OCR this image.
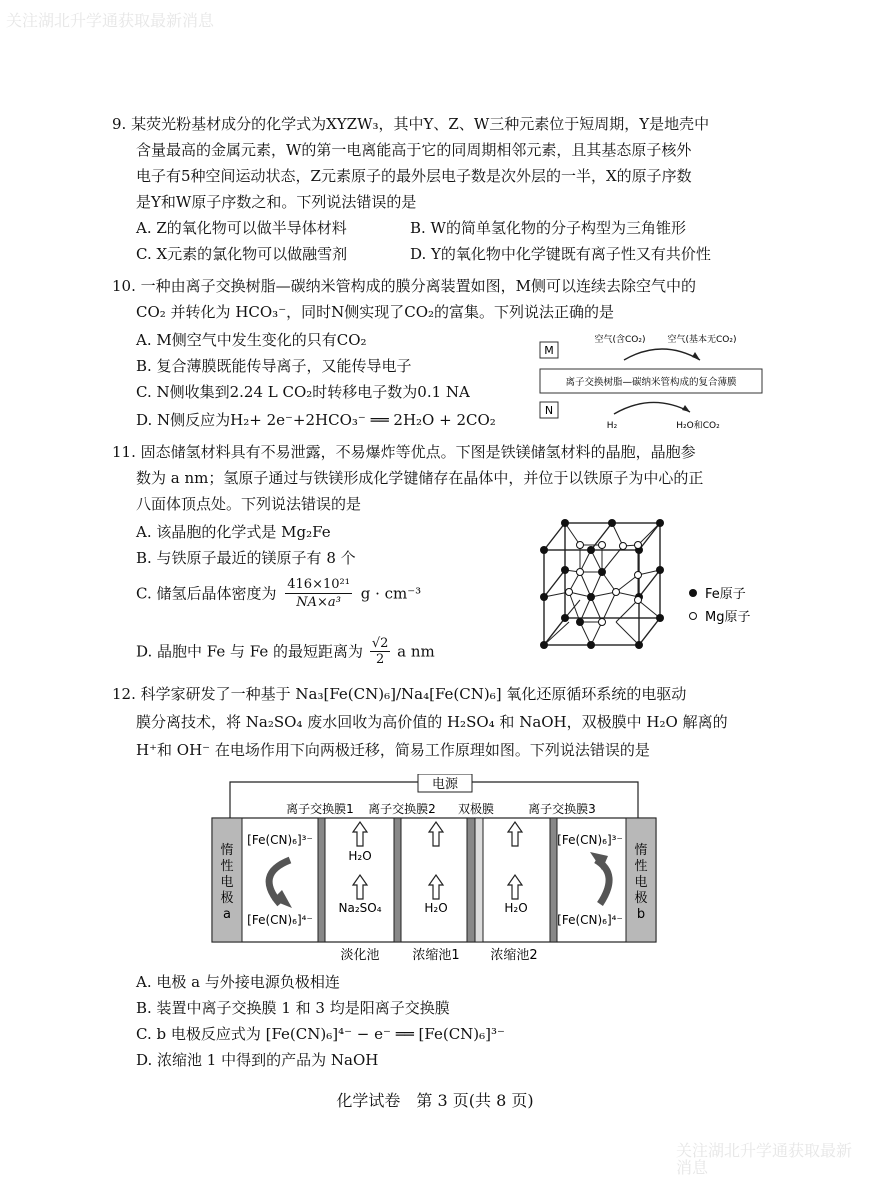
关注湖北升学通获取最新消息
关注湖北升学通获取最新
消息
9. 某荧光粉基材成分的化学式为XYZW₃，其中Y、Z、W三种元素位于短周期，Y是地壳中
含量最高的金属元素，W的第一电离能高于它的同周期相邻元素，且其基态原子核外
电子有5种空间运动状态，Z元素原子的最外层电子数是次外层的一半，X的原子序数
是Y和W原子序数之和。下列说法错误的是
A. Z的氧化物可以做半导体材料	B. W的简单氢化物的分子构型为三角锥形
C. X元素的氯化物可以做融雪剂	D. Y的氧化物中化学键既有离子性又有共价性
10. 一种由离子交换树脂—碳纳米管构成的膜分离装置如图，M侧可以连续去除空气中的
CO₂ 并转化为 HCO₃⁻，同时N侧实现了CO₂的富集。下列说法正确的是
A. M侧空气中发生变化的只有CO₂
B. 复合薄膜既能传导离子，又能传导电子
C. N侧收集到2.24 L CO₂时转移电子数为0.1 NA
D. N侧反应为H₂+ 2e⁻+2HCO₃⁻ ══ 2H₂O + 2CO₂
M
空气(含CO₂) 空气(基本无CO₂)
离子交换树脂—碳纳米管构成的复合薄膜
N
H₂	H₂O和CO₂
11. 固态储氢材料具有不易泄露，不易爆炸等优点。下图是铁镁储氢材料的晶胞，晶胞参
数为 a nm；氢原子通过与铁镁形成化学键储存在晶体中，并位于以铁原子为中心的正
八面体顶点处。下列说法错误的是
A. 该晶胞的化学式是 Mg₂Fe
B. 与铁原子最近的镁原子有 8 个
C. 储氢后晶体密度为 $\frac{\text{416×10²¹}}{\text{NA×a³}}$ g · cm⁻³
D. 晶胞中 Fe 与 Fe 的最短距离为 $\frac{√2}{2}$ a nm
Fe原子
Mg原子
12. 科学家研发了一种基于 Na₃[Fe(CN)₆]/Na₄[Fe(CN)₆] 氧化还原循环系统的电驱动
膜分离技术，将 Na₂SO₄ 废水回收为高价值的 H₂SO₄ 和 NaOH，双极膜中 H₂O 解离的
H⁺和 OH⁻ 在电场作用下向两极迁移，简易工作原理如图。下列说法错误的是
电源
离子交换膜1 离子交换膜2 双极膜	离子交换膜3
惰
性
电
极
a
惰
性
电
极
b
[Fe(CN)₆]³⁻
[Fe(CN)₆]⁴⁻
[Fe(CN)₆]³⁻
[Fe(CN)₆]⁴⁻
H₂O
Na₂SO₄	H₂O	H₂O
淡化池	浓缩池1 浓缩池2
A. 电极 a 与外接电源负极相连
B. 装置中离子交换膜 1 和 3 均是阳离子交换膜
C. b 电极反应式为 [Fe(CN)₆]⁴⁻ − e⁻ ══ [Fe(CN)₆]³⁻
D. 浓缩池 1 中得到的产品为 NaOH
化学试卷　第 3 页(共 8 页)
